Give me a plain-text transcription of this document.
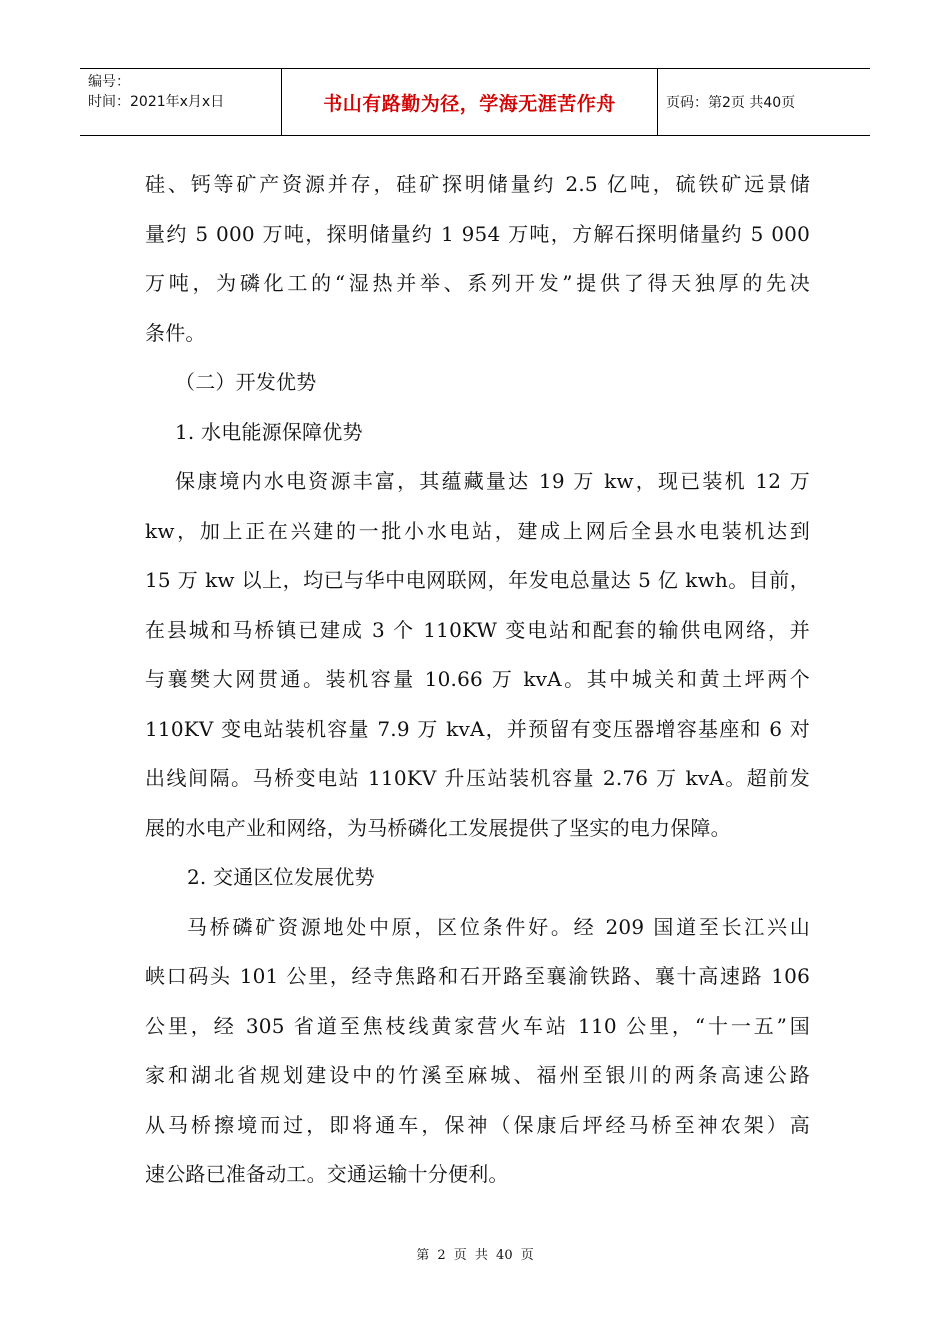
编号：
时间：2021年x月x日	书山有路勤为径，学海无涯苦作舟	页码：第2页 共40页
硅、钙等矿产资源并存，硅矿探明储量约 2.5 亿吨，硫铁矿远景储
量约 5 000 万吨，探明储量约 1 954 万吨，方解石探明储量约 5 000
万吨，为磷化工的“湿热并举、系列开发”提供了得天独厚的先决
条件。
（二）开发优势
1. 水电能源保障优势
保康境内水电资源丰富，其蕴藏量达 19 万 kw，现已装机 12 万
kw，加上正在兴建的一批小水电站，建成上网后全县水电装机达到
15 万 kw 以上，均已与华中电网联网，年发电总量达 5 亿 kwh。目前，
在县城和马桥镇已建成 3 个 110KW 变电站和配套的输供电网络，并
与襄樊大网贯通。装机容量 10.66 万 kvA。其中城关和黄土坪两个
110KV 变电站装机容量 7.9 万 kvA，并预留有变压器增容基座和 6 对
出线间隔。马桥变电站 110KV 升压站装机容量 2.76 万 kvA。超前发
展的水电产业和网络，为马桥磷化工发展提供了坚实的电力保障。
2. 交通区位发展优势
马桥磷矿资源地处中原，区位条件好。经 209 国道至长江兴山
峡口码头 101 公里，经寺焦路和石开路至襄渝铁路、襄十高速路 106
公里，经 305 省道至焦枝线黄家营火车站 110 公里，“十一五”国
家和湖北省规划建设中的竹溪至麻城、福州至银川的两条高速公路
从马桥擦境而过，即将通车，保神（保康后坪经马桥至神农架）高
速公路已准备动工。交通运输十分便利。
第 2 页 共 40 页
